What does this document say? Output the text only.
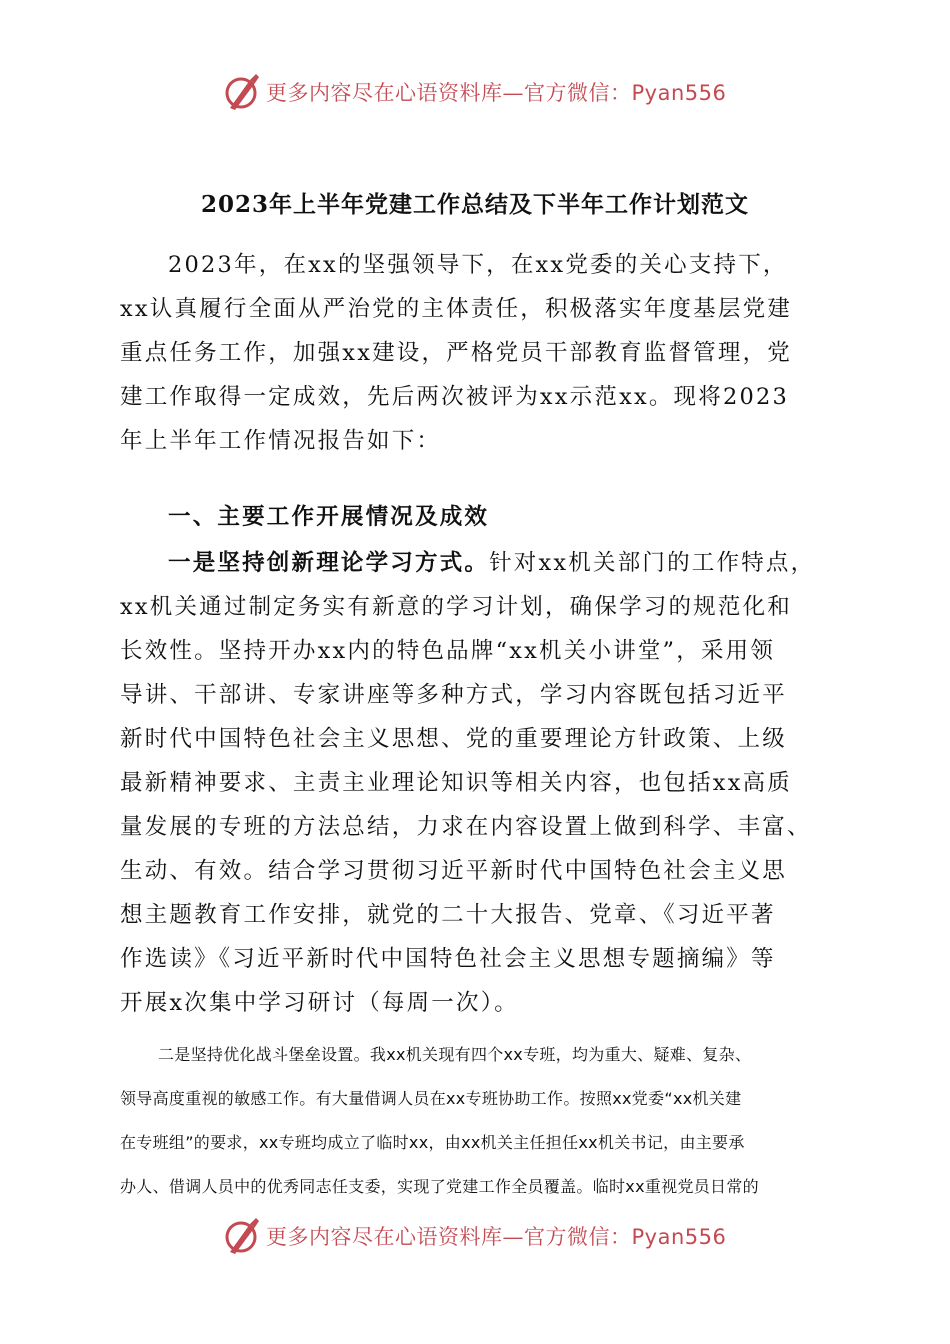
更多内容尽在心语资料库—官方微信：Pyan556
2023年上半年党建工作总结及下半年工作计划范文
2023年，在xx的坚强领导下，在xx党委的关心支持下，
xx认真履行全面从严治党的主体责任，积极落实年度基层党建
重点任务工作，加强xx建设，严格党员干部教育监督管理，党
建工作取得一定成效，先后两次被评为xx示范xx。现将2023
年上半年工作情况报告如下：
一、主要工作开展情况及成效
一是坚持创新理论学习方式。针对xx机关部门的工作特点，
xx机关通过制定务实有新意的学习计划，确保学习的规范化和
长效性。坚持开办xx内的特色品牌“xx机关小讲堂”，采用领
导讲、干部讲、专家讲座等多种方式，学习内容既包括习近平
新时代中国特色社会主义思想、党的重要理论方针政策、上级
最新精神要求、主责主业理论知识等相关内容，也包括xx高质
量发展的专班的方法总结，力求在内容设置上做到科学、丰富、
生动、有效。结合学习贯彻习近平新时代中国特色社会主义思
想主题教育工作安排，就党的二十大报告、党章、《习近平著
作选读》《习近平新时代中国特色社会主义思想专题摘编》等
开展x次集中学习研讨（每周一次）。
二是坚持优化战斗堡垒设置。我xx机关现有四个xx专班，均为重大、疑难、复杂、
领导高度重视的敏感工作。有大量借调人员在xx专班协助工作。按照xx党委“xx机关建
在专班组”的要求，xx专班均成立了临时xx，由xx机关主任担任xx机关书记，由主要承
办人、借调人员中的优秀同志任支委，实现了党建工作全员覆盖。临时xx重视党员日常的
更多内容尽在心语资料库—官方微信：Pyan556
